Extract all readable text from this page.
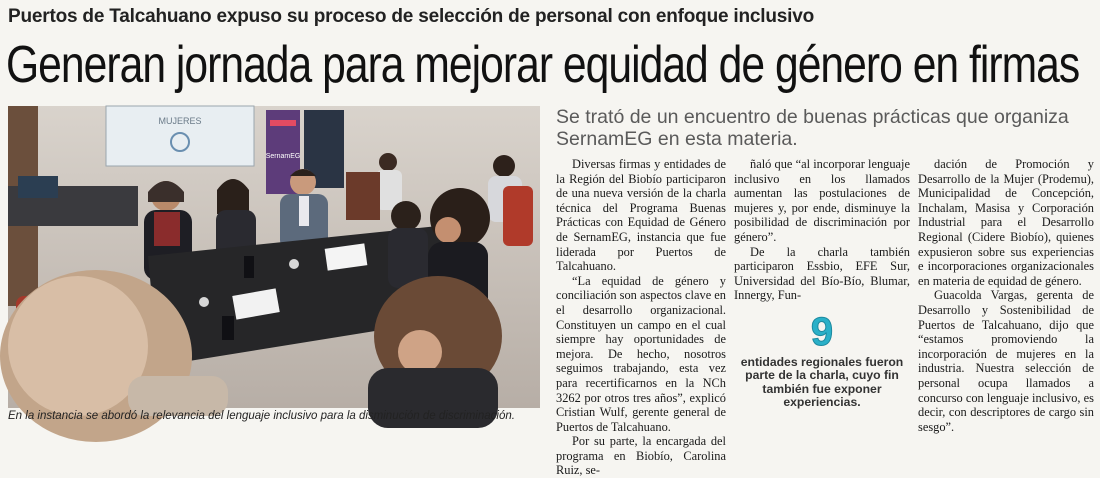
Puertos de Talcahuano expuso su proceso de selección de personal con enfoque inclusivo
Generan jornada para mejorar equidad de género en firmas
MUJERES
SernamEG
En la instancia se abordó la relevancia del lenguaje inclusivo para la disminución de discriminación.
Se trató de un encuentro de buenas prácticas que organiza SernamEG en esta materia.

Diversas firmas y entidades de la Región del Biobío participaron de una nueva versión de la charla técnica del Programa Buenas Prácticas con Equidad de Género de SernamEG, instancia que fue liderada por Puertos de Talcahuano.

“La equidad de género y conciliación son aspectos clave en el desarrollo organizacional. Constituyen un campo en el cual siempre hay oportunidades de mejora. De hecho, nosotros seguimos trabajando, esta vez para recertificarnos en la NCh 3262 por otros tres años”, explicó Cristian Wulf, gerente general de Puertos de Talcahuano.

Por su parte, la encargada del programa en Biobío, Carolina Ruiz, se-

ñaló que “al incorporar lenguaje inclusivo en los llamados aumentan las postulaciones de mujeres y, por ende, disminuye la posibilidad de discriminación por género”.

De la charla también participaron Essbio, EFE Sur, Universidad del Bío-Bío, Blumar, Innergy, Fun-

9
entidades regionales fueron parte de la charla, cuyo fin también fue exponer experiencias.

dación de Promoción y Desarrollo de la Mujer (Prodemu), Municipalidad de Concepción, Inchalam, Masisa y Corporación Industrial para el Desarrollo Regional (Cidere Biobío), quienes expusieron sobre sus experiencias e incorporaciones organizacionales en materia de equidad de género.

Guacolda Vargas, gerenta de Desarrollo y Sostenibilidad de Puertos de Talcahuano, dijo que “estamos promoviendo la incorporación de mujeres en la industria. Nuestra selección de personal ocupa llamados a concurso con lenguaje inclusivo, es decir, con descriptores de cargo sin sesgo”.
